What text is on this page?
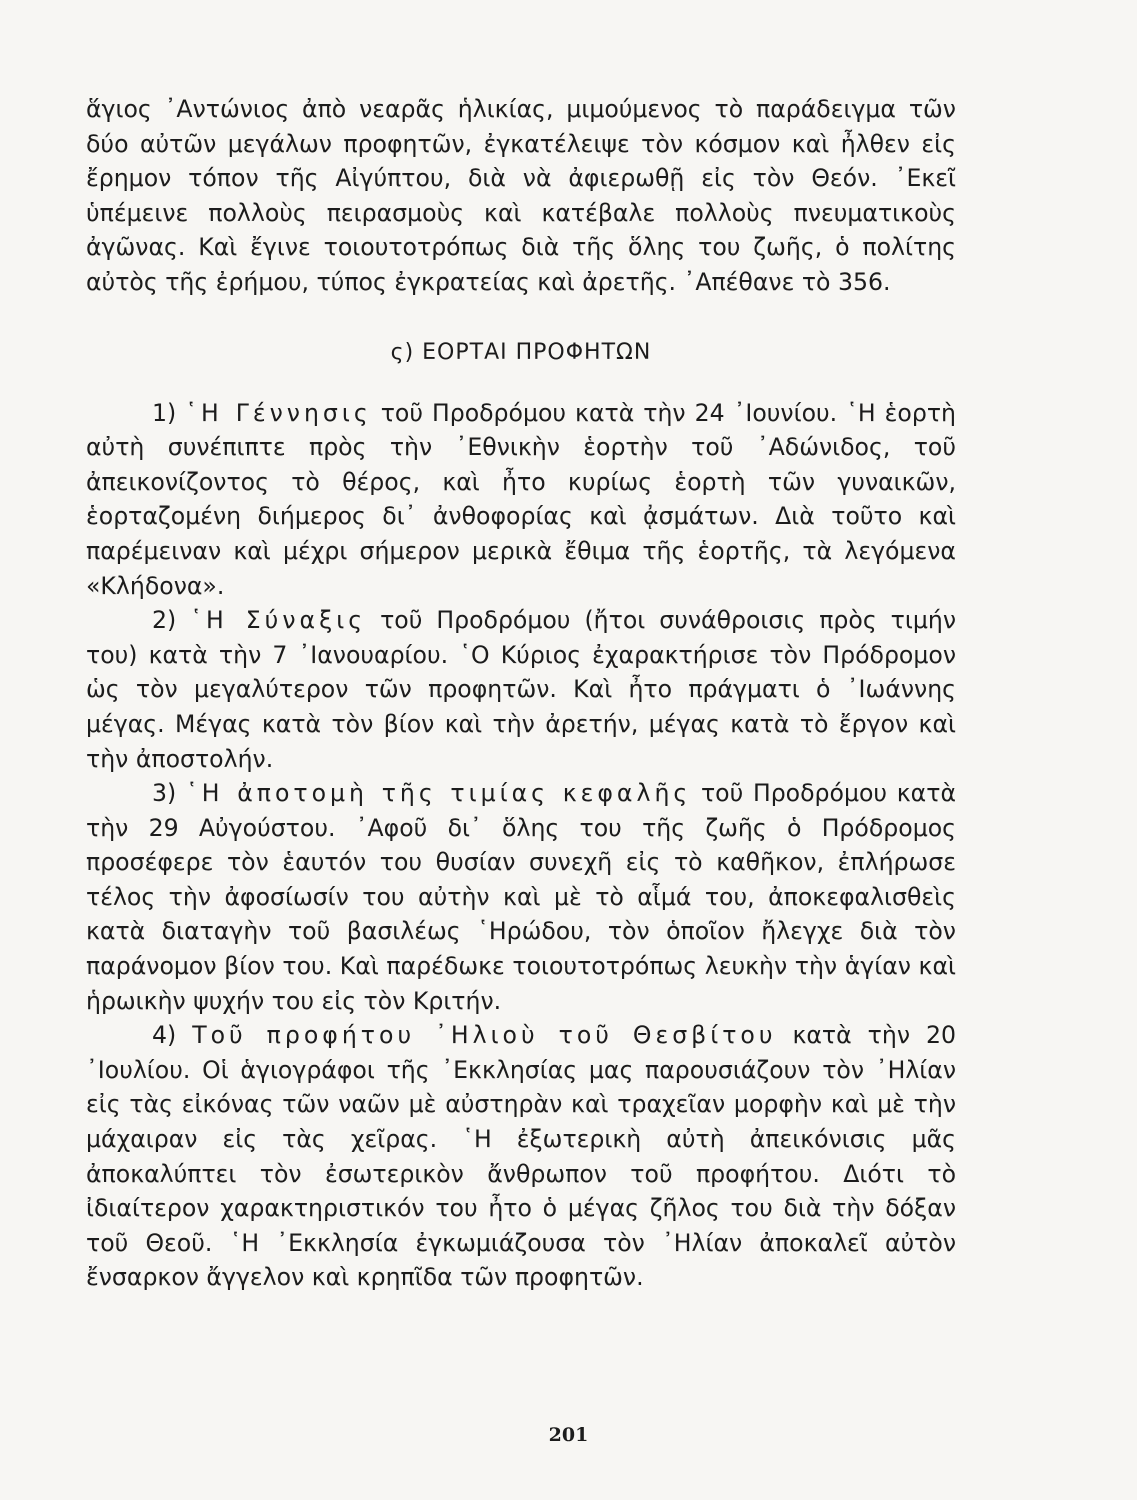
ἅγιος ᾿Αντώνιος ἀπὸ νεαρᾶς ἡλικίας, μιμούμενος τὸ παράδειγμα τῶν δύο αὐτῶν μεγάλων προφητῶν, ἐγκατέλειψε τὸν κόσμον καὶ ἦλθεν εἰς ἔρημον τόπον τῆς Αἰγύπτου, διὰ νὰ ἀφιερωθῇ εἰς τὸν Θεόν. ᾿Εκεῖ ὑπέμεινε πολλοὺς πειρασμοὺς καὶ κατέβαλε πολλοὺς πνευματικοὺς ἀγῶνας. Καὶ ἔγινε τοιουτοτρόπως διὰ τῆς ὅλης του ζωῆς, ὁ πολίτης αὐτὸς τῆς ἐρήμου, τύπος ἐγκρατείας καὶ ἀρετῆς. ᾿Απέθανε τὸ 356.

ς) ΕΟΡΤΑΙ ΠΡΟΦΗΤΩΝ

1) ῾Η Γέννησις τοῦ Προδρόμου κατὰ τὴν 24 ᾿Ιουνίου. ῾Η ἑορτὴ αὐτὴ συνέπιπτε πρὸς τὴν ᾿Εθνικὴν ἑορτὴν τοῦ ᾿Αδώνιδος, τοῦ ἀπεικονίζοντος τὸ θέρος, καὶ ἦτο κυρίως ἑορτὴ τῶν γυναικῶν, ἑορταζομένη διήμερος δι᾿ ἀνθοφορίας καὶ ᾀσμάτων. Διὰ τοῦτο καὶ παρέμειναν καὶ μέχρι σήμερον μερικὰ ἔθιμα τῆς ἑορτῆς, τὰ λεγόμενα «Κλήδονα».

2) ῾Η Σύναξις τοῦ Προδρόμου (ἤτοι συνάθροισις πρὸς τιμήν του) κατὰ τὴν 7 ᾿Ιανουαρίου. ῾Ο Κύριος ἐχαρακτήρισε τὸν Πρόδρομον ὡς τὸν μεγαλύτερον τῶν προφητῶν. Καὶ ἦτο πράγματι ὁ ᾿Ιωάννης μέγας. Μέγας κατὰ τὸν βίον καὶ τὴν ἀρετήν, μέγας κατὰ τὸ ἔργον καὶ τὴν ἀποστολήν.

3) ῾Η ἀποτομὴ τῆς τιμίας κεφαλῆς τοῦ Προδρόμου κατὰ τὴν 29 Αὐγούστου. ᾿Αφοῦ δι᾿ ὅλης του τῆς ζωῆς ὁ Πρόδρομος προσέφερε τὸν ἑαυτόν του θυσίαν συνεχῆ εἰς τὸ καθῆκον, ἐπλήρωσε τέλος τὴν ἀφοσίωσίν του αὐτὴν καὶ μὲ τὸ αἷμά του, ἀποκεφαλισθεὶς κατὰ διαταγὴν τοῦ βασιλέως ῾Ηρώδου, τὸν ὁποῖον ἤλεγχε διὰ τὸν παράνομον βίον του. Καὶ παρέδωκε τοιουτοτρόπως λευκὴν τὴν ἁγίαν καὶ ἡρωικὴν ψυχήν του εἰς τὸν Κριτήν.

4) Τοῦ προφήτου ᾿Ηλιοὺ τοῦ Θεσβίτου κατὰ τὴν 20 ᾿Ιουλίου. Οἱ ἁγιογράφοι τῆς ᾿Εκκλησίας μας παρουσιάζουν τὸν ᾿Ηλίαν εἰς τὰς εἰκόνας τῶν ναῶν μὲ αὐστηρὰν καὶ τραχεῖαν μορφὴν καὶ μὲ τὴν μάχαιραν εἰς τὰς χεῖρας. ῾Η ἐξωτερικὴ αὐτὴ ἀπεικόνισις μᾶς ἀποκαλύπτει τὸν ἐσωτερικὸν ἄνθρωπον τοῦ προφήτου. Διότι τὸ ἰδιαίτερον χαρακτηριστικόν του ἦτο ὁ μέγας ζῆλος του διὰ τὴν δόξαν τοῦ Θεοῦ. ῾Η ᾿Εκκλησία ἐγκωμιάζουσα τὸν ᾿Ηλίαν ἀποκαλεῖ αὐτὸν ἔνσαρκον ἄγγελον καὶ κρηπῖδα τῶν προφητῶν.

201
